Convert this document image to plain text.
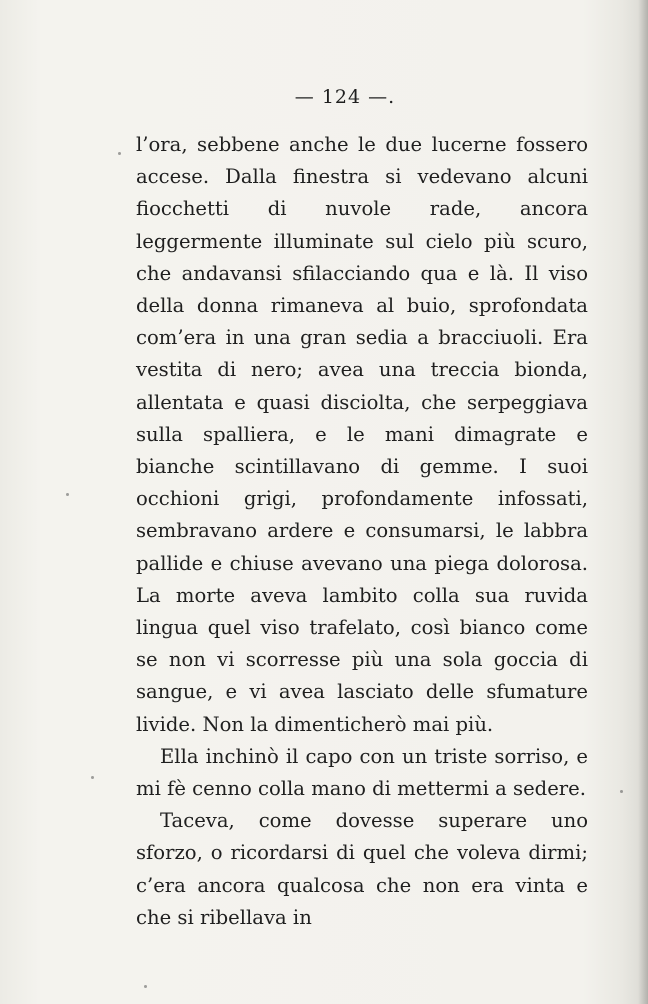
— 124 —.

l’ora, sebbene anche le due lucerne fossero accese. Dalla finestra si vedevano alcuni fiocchetti di nuvole rade, ancora leggermente illuminate sul cielo più scuro, che andavansi sfilacciando qua e là. Il viso della donna rimaneva al buio, sprofondata com’era in una gran sedia a bracciuoli. Era vestita di nero; avea una treccia bionda, allentata e quasi disciolta, che serpeggiava sulla spalliera, e le mani dimagrate e bianche scintillavano di gemme. I suoi occhioni grigi, profondamente infossati, sembravano ardere e consumarsi, le labbra pallide e chiuse avevano una piega dolorosa. La morte aveva lambito colla sua ruvida lingua quel viso trafelato, così bianco come se non vi scorresse più una sola goccia di sangue, e vi avea lasciato delle sfumature livide. Non la dimenticherò mai più.

Ella inchinò il capo con un triste sorriso, e mi fè cenno colla mano di mettermi a sedere.

Taceva, come dovesse superare uno sforzo, o ricordarsi di quel che voleva dirmi; c’era ancora qualcosa che non era vinta e che si ribellava in
